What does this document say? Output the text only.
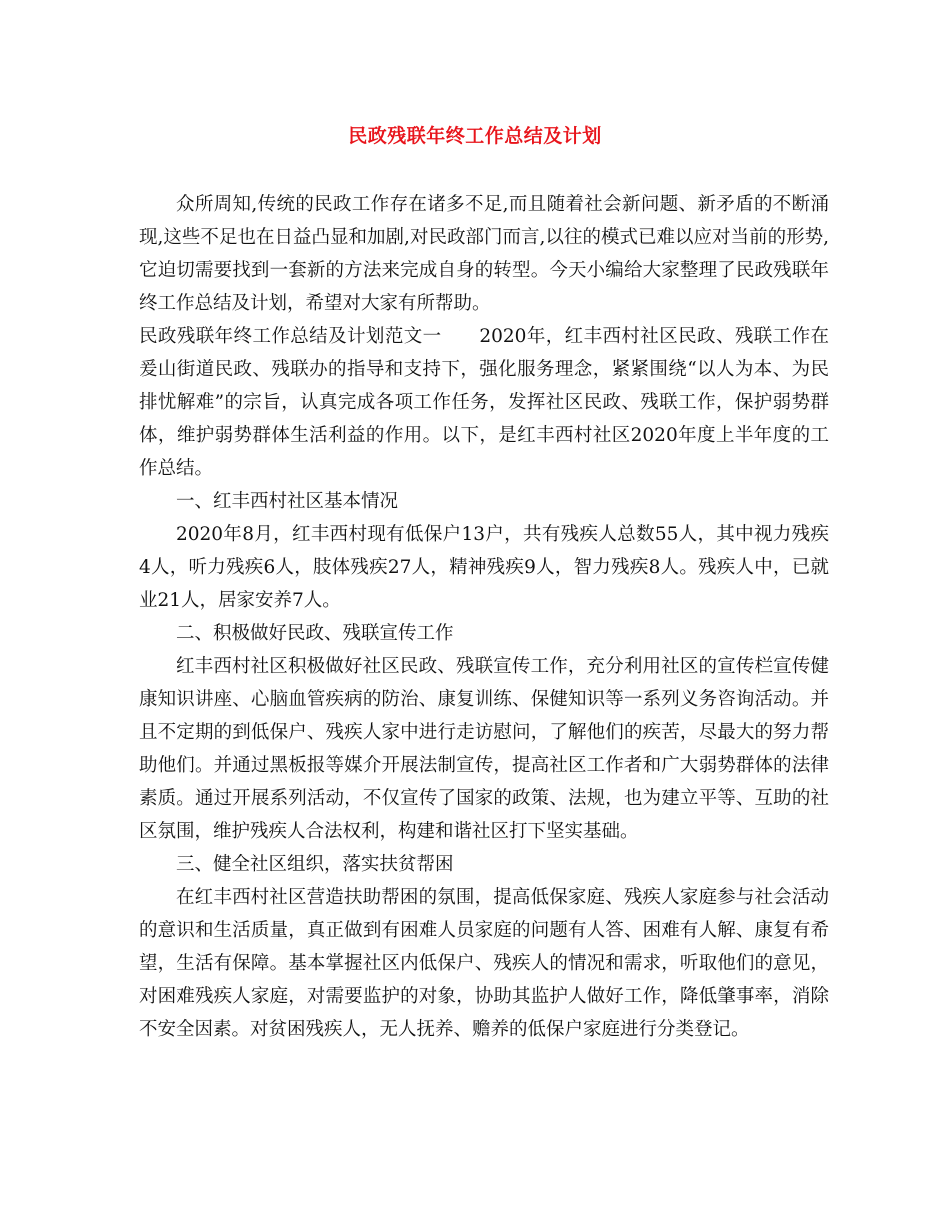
民政残联年终工作总结及计划

众所周知,传统的民政工作存在诸多不足,而且随着社会新问题、新矛盾的不断涌现,这些不足也在日益凸显和加剧,对民政部门而言,以往的模式已难以应对当前的形势,它迫切需要找到一套新的方法来完成自身的转型。今天小编给大家整理了民政残联年终工作总结及计划，希望对大家有所帮助。

民政残联年终工作总结及计划范文一　　2020年，红丰西村社区民政、残联工作在爰山街道民政、残联办的指导和支持下，强化服务理念，紧紧围绕“以人为本、为民排忧解难”的宗旨，认真完成各项工作任务，发挥社区民政、残联工作，保护弱势群体，维护弱势群体生活利益的作用。以下，是红丰西村社区2020年度上半年度的工作总结。

一、红丰西村社区基本情况

2020年8月，红丰西村现有低保户13户，共有残疾人总数55人，其中视力残疾4人，听力残疾6人，肢体残疾27人，精神残疾9人，智力残疾8人。残疾人中，已就业21人，居家安养7人。

二、积极做好民政、残联宣传工作

红丰西村社区积极做好社区民政、残联宣传工作，充分利用社区的宣传栏宣传健康知识讲座、心脑血管疾病的防治、康复训练、保健知识等一系列义务咨询活动。并且不定期的到低保户、残疾人家中进行走访慰问，了解他们的疾苦，尽最大的努力帮助他们。并通过黑板报等媒介开展法制宣传，提高社区工作者和广大弱势群体的法律素质。通过开展系列活动，不仅宣传了国家的政策、法规，也为建立平等、互助的社区氛围，维护残疾人合法权利，构建和谐社区打下坚实基础。

三、健全社区组织，落实扶贫帮困

在红丰西村社区营造扶助帮困的氛围，提高低保家庭、残疾人家庭参与社会活动的意识和生活质量，真正做到有困难人员家庭的问题有人答、困难有人解、康复有希望，生活有保障。基本掌握社区内低保户、残疾人的情况和需求，听取他们的意见，对困难残疾人家庭，对需要监护的对象，协助其监护人做好工作，降低肇事率，消除不安全因素。对贫困残疾人，无人抚养、赡养的低保户家庭进行分类登记。
